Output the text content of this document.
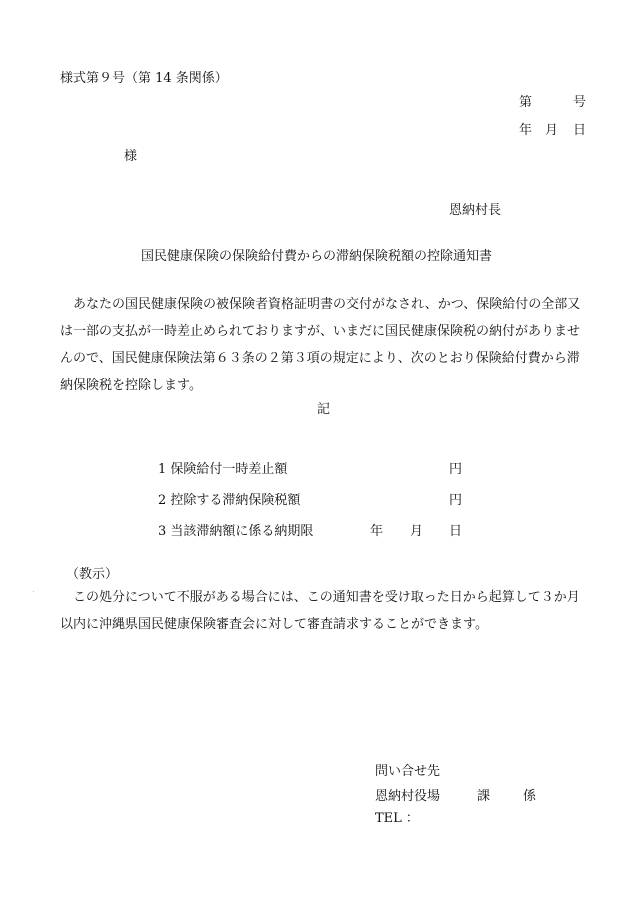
様式第９号（第 14 条関係）
第	号
年 月 日
様
恩納村長
国民健康保険の保険給付費からの滞納保険税額の控除通知書

あなたの国民健康保険の被保険者資格証明書の交付がなされ、かつ、保険給付の全部又

は一部の支払が一時差止められておりますが、いまだに国民健康保険税の納付がありませ

んので、国民健康保険法第６３条の２第３項の規定により、次のとおり保険給付費から滞

納保険税を控除します。

記
1 保険給付一時差止額	円
2 控除する滞納保険税額	円
3 当該滞納額に係る納期限	年 月 日
（教示）

この処分について不服がある場合には、この通知書を受け取った日から起算して３か月

以内に沖縄県国民健康保険審査会に対して審査請求することができます。

問い合せ先
恩納村役場	課	係
TEL ：
